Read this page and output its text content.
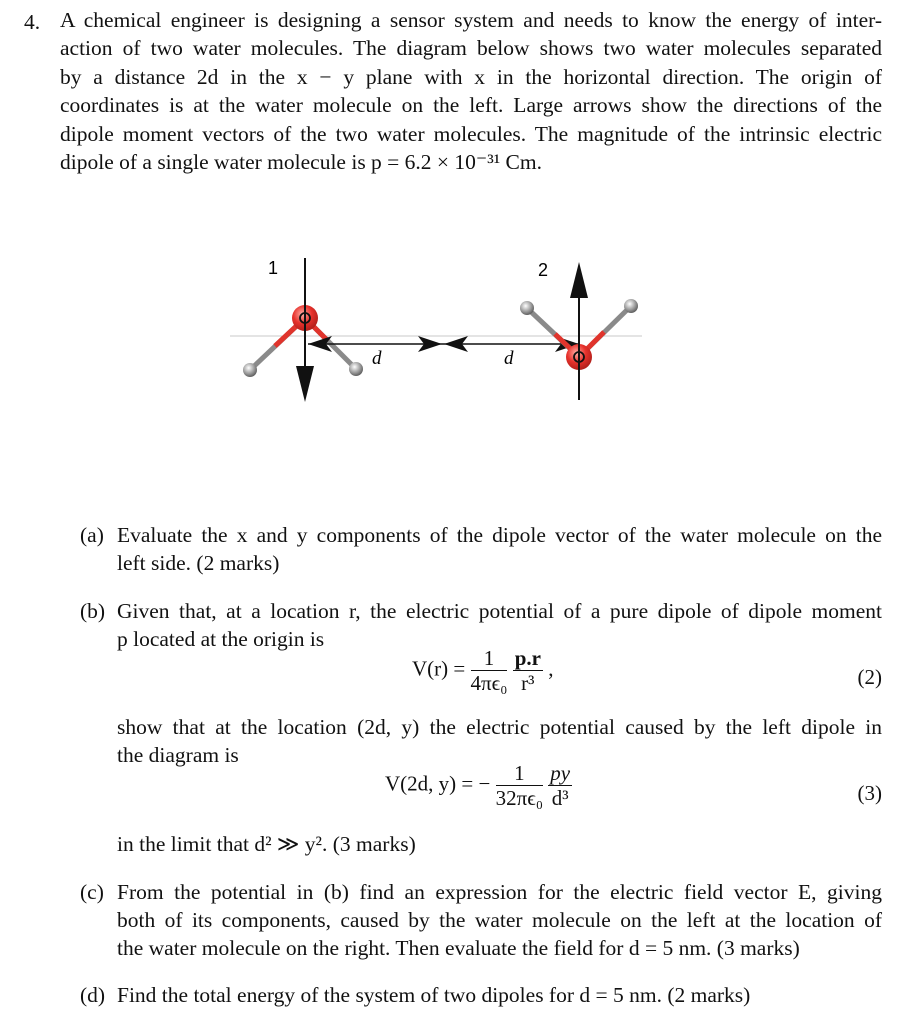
4. A chemical engineer is designing a sensor system and needs to know the energy of inter-
action of two water molecules. The diagram below shows two water molecules separated
by a distance 2d in the x − y plane with x in the horizontal direction. The origin of
coordinates is at the water molecule on the left. Large arrows show the directions of the
dipole moment vectors of the two water molecules. The magnitude of the intrinsic electric
dipole of a single water molecule is p = 6.2 × 10⁻³¹ Cm.
1
d	d
2
(a) Evaluate the x and y components of the dipole vector of the water molecule on the
left side. (2 marks)
(b) Given that, at a location r, the electric potential of a pure dipole of dipole moment
p located at the origin is
$V(r) = \frac{1}{\text{4πϵ₀}}$
$\frac{p.r}{\text{r³}}$ ,	(2)
show that at the location (2d, y) the electric potential caused by the left dipole in
the diagram is
V(2d, y) = − $\frac{1}{\text{32πϵ₀}}$
$\frac{py}{\text{d³}}$	(3)
in the limit that d² ≫ y². (3 marks)
(c) From the potential in (b) find an expression for the electric field vector E, giving
both of its components, caused by the water molecule on the left at the location of
the water molecule on the right. Then evaluate the field for d = 5 nm. (3 marks)
(d) Find the total energy of the system of two dipoles for d = 5 nm. (2 marks)
